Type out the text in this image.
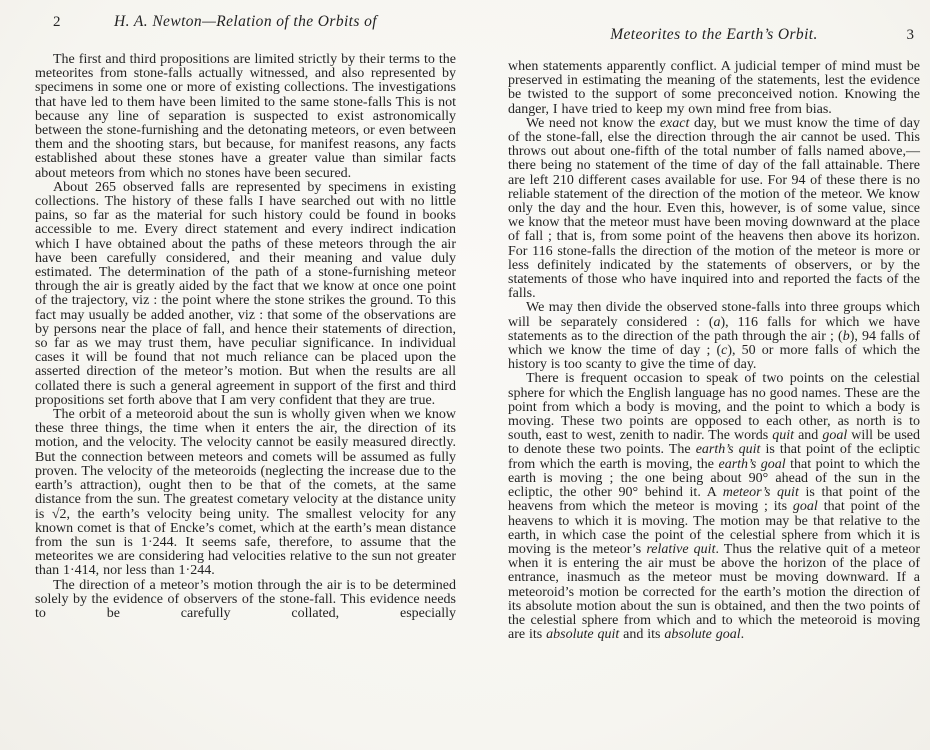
2	H. A. Newton—Relation of the Orbits of

The first and third propositions are limited strictly by their terms to the meteorites from stone-falls actually witnessed, and also represented by specimens in some one or more of existing collections. The investigations that have led to them have been limited to the same stone-falls This is not because any line of separation is suspected to exist astronomically between the stone-furnishing and the detonating meteors, or even between them and the shooting stars, but because, for manifest reasons, any facts established about these stones have a greater value than similar facts about meteors from which no stones have been secured.

About 265 observed falls are represented by specimens in existing collections. The history of these falls I have searched out with no little pains, so far as the material for such history could be found in books accessible to me. Every direct statement and every indirect indication which I have obtained about the paths of these meteors through the air have been carefully considered, and their meaning and value duly estimated. The determination of the path of a stone-furnishing meteor through the air is greatly aided by the fact that we know at once one point of the trajectory, viz : the point where the stone strikes the ground. To this fact may usually be added another, viz : that some of the observations are by persons near the place of fall, and hence their statements of direction, so far as we may trust them, have peculiar significance. In individual cases it will be found that not much reliance can be placed upon the asserted direction of the meteor’s motion. But when the results are all collated there is such a general agreement in support of the first and third propositions set forth above that I am very confident that they are true.

The orbit of a meteoroid about the sun is wholly given when we know these three things, the time when it enters the air, the direction of its motion, and the velocity. The velocity cannot be easily measured directly. But the connection between meteors and comets will be assumed as fully proven. The velocity of the meteoroids (neglecting the increase due to the earth’s attraction), ought then to be that of the comets, at the same distance from the sun. The greatest cometary velocity at the distance unity is √2, the earth’s velocity being unity. The smallest velocity for any known comet is that of Encke’s comet, which at the earth’s mean distance from the sun is 1·244. It seems safe, therefore, to assume that the meteorites we are considering had velocities relative to the sun not greater than 1·414, nor less than 1·244.

The direction of a meteor’s motion through the air is to be determined solely by the evidence of observers of the stone-fall. This evidence needs to be carefully collated, especially

Meteorites to the Earth’s Orbit.	3

when statements apparently conflict. A judicial temper of mind must be preserved in estimating the meaning of the statements, lest the evidence be twisted to the support of some preconceived notion. Knowing the danger, I have tried to keep my own mind free from bias.

We need not know the exact day, but we must know the time of day of the stone-fall, else the direction through the air cannot be used. This throws out about one-fifth of the total number of falls named above,—there being no statement of the time of day of the fall attainable. There are left 210 different cases available for use. For 94 of these there is no reliable statement of the direction of the motion of the meteor. We know only the day and the hour. Even this, however, is of some value, since we know that the meteor must have been moving downward at the place of fall ; that is, from some point of the heavens then above its horizon. For 116 stone-falls the direction of the motion of the meteor is more or less definitely indicated by the statements of observers, or by the statements of those who have inquired into and reported the facts of the falls.

We may then divide the observed stone-falls into three groups which will be separately considered : (a), 116 falls for which we have statements as to the direction of the path through the air ; (b), 94 falls of which we know the time of day ; (c), 50 or more falls of which the history is too scanty to give the time of day.

There is frequent occasion to speak of two points on the celestial sphere for which the English language has no good names. These are the point from which a body is moving, and the point to which a body is moving. These two points are opposed to each other, as north is to south, east to west, zenith to nadir. The words quit and goal will be used to denote these two points. The earth’s quit is that point of the ecliptic from which the earth is moving, the earth’s goal that point to which the earth is moving ; the one being about 90° ahead of the sun in the ecliptic, the other 90° behind it. A meteor’s quit is that point of the heavens from which the meteor is moving ; its goal that point of the heavens to which it is moving. The motion may be that relative to the earth, in which case the point of the celestial sphere from which it is moving is the meteor’s relative quit. Thus the relative quit of a meteor when it is entering the air must be above the horizon of the place of entrance, inasmuch as the meteor must be moving downward. If a meteoroid’s motion be corrected for the earth’s motion the direction of its absolute motion about the sun is obtained, and then the two points of the celestial sphere from which and to which the meteoroid is moving are its absolute quit and its absolute goal.
